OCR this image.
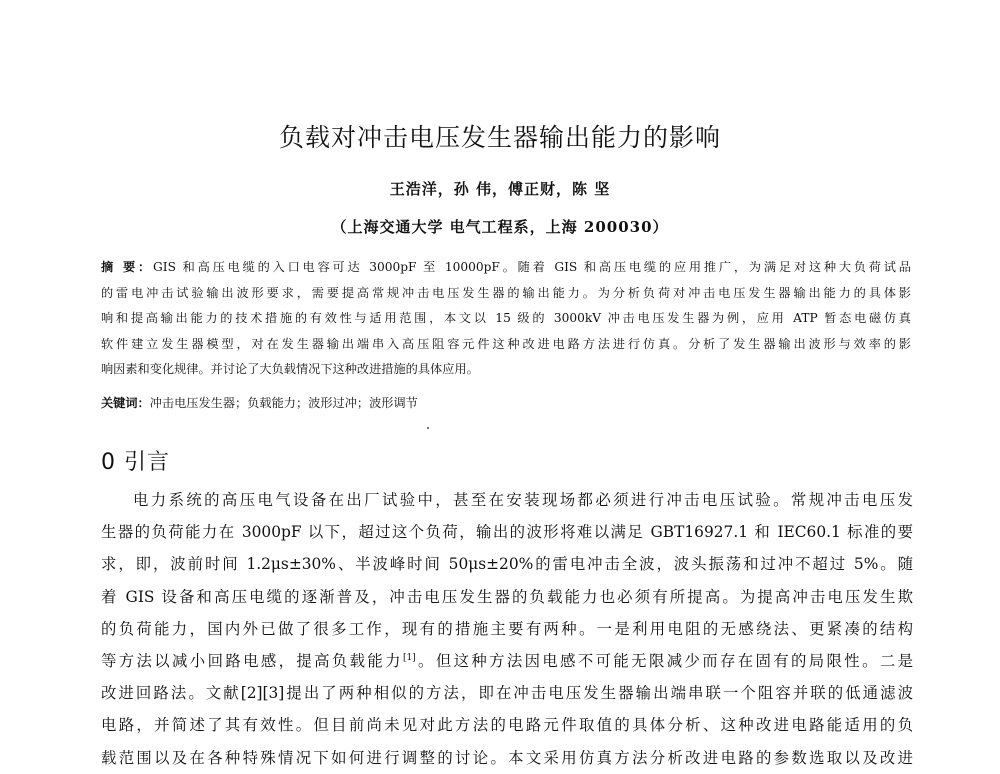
负载对冲击电压发生器输出能力的影响
王浩洋，孙 伟，傅正财，陈 坚
（上海交通大学 电气工程系，上海 200030）
摘 要：GIS 和高压电缆的入口电容可达 3000pF 至 10000pF。随着 GIS 和高压电缆的应用推广，为满足对这种大负荷试品
的雷电冲击试验输出波形要求，需要提高常规冲击电压发生器的输出能力。为分析负荷对冲击电压发生器输出能力的具体影
响和提高输出能力的技术措施的有效性与适用范围，本文以 15 级的 3000kV 冲击电压发生器为例，应用 ATP 暂态电磁仿真
软件建立发生器模型，对在发生器输出端串入高压阻容元件这种改进电路方法进行仿真。分析了发生器输出波形与效率的影
响因素和变化规律。并讨论了大负载情况下这种改进措施的具体应用。
关键词：冲击电压发生器；负载能力；波形过冲；波形调节
0 引言
电力系统的高压电气设备在出厂试验中，甚至在安装现场都必须进行冲击电压试验。常规冲击电压发
生器的负荷能力在 3000pF 以下，超过这个负荷，输出的波形将难以满足 GBT16927.1 和 IEC60.1 标准的要
求，即，波前时间 1.2μs±30%、半波峰时间 50μs±20%的雷电冲击全波，波头振荡和过冲不超过 5%。随
着 GIS 设备和高压电缆的逐渐普及，冲击电压发生器的负载能力也必须有所提高。为提高冲击电压发生欺
的负荷能力，国内外已做了很多工作，现有的措施主要有两种。一是利用电阻的无感绕法、更紧凑的结构
等方法以减小回路电感，提高负载能力[1]。但这种方法因电感不可能无限减少而存在固有的局限性。二是
改进回路法。文献[2][3]提出了两种相似的方法，即在冲击电压发生器输出端串联一个阻容并联的低通滤波
电路，并简述了其有效性。但目前尚未见对此方法的电路元件取值的具体分析、这种改进电路能适用的负
载范围以及在各种特殊情况下如何进行调整的讨论。本文采用仿真方法分析改进电路的参数选取以及改进
